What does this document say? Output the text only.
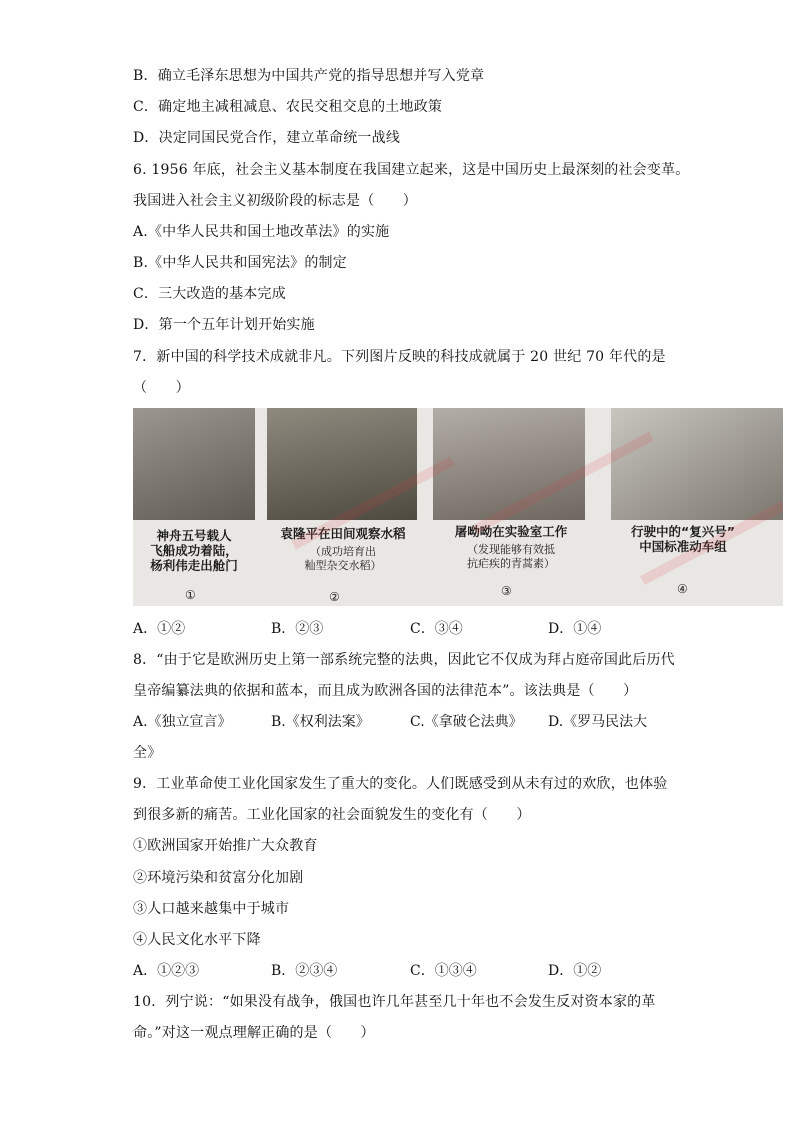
B．确立毛泽东思想为中国共产党的指导思想并写入党章
C．确定地主减租减息、农民交租交息的土地政策
D．决定同国民党合作，建立革命统一战线
6. 1956 年底，社会主义基本制度在我国建立起来，这是中国历史上最深刻的社会变革。
我国进入社会主义初级阶段的标志是（　　）
A.《中华人民共和国土地改革法》的实施
B.《中华人民共和国宪法》的制定
C．三大改造的基本完成
D．第一个五年计划开始实施
7．新中国的科学技术成就非凡。下列图片反映的科技成就属于 20 世纪 70 年代的是
（　　）
神舟五号载人
飞船成功着陆，
杨利伟走出舱门
①
袁隆平在田间观察水稻
（成功培育出
籼型杂交水稻）
②
屠呦呦在实验室工作
（发现能够有效抵
抗疟疾的青蒿素）
③
行驶中的“复兴号”
中国标准动车组
④
A．①②	B．②③	C．③④	D．①④
8．“由于它是欧洲历史上第一部系统完整的法典，因此它不仅成为拜占庭帝国此后历代
皇帝编纂法典的依据和蓝本，而且成为欧洲各国的法律范本”。该法典是（　　）
A.《独立宣言》	B.《权利法案》	C.《拿破仑法典》 D.《罗马民法大
全》
9．工业革命使工业化国家发生了重大的变化。人们既感受到从未有过的欢欣，也体验
到很多新的痛苦。工业化国家的社会面貌发生的变化有（　　）
①欧洲国家开始推广大众教育
②环境污染和贫富分化加剧
③人口越来越集中于城市
④人民文化水平下降
A．①②③	B．②③④	C．①③④	D．①②
10．列宁说：“如果没有战争，俄国也许几年甚至几十年也不会发生反对资本家的革
命。”对这一观点理解正确的是（　　）
